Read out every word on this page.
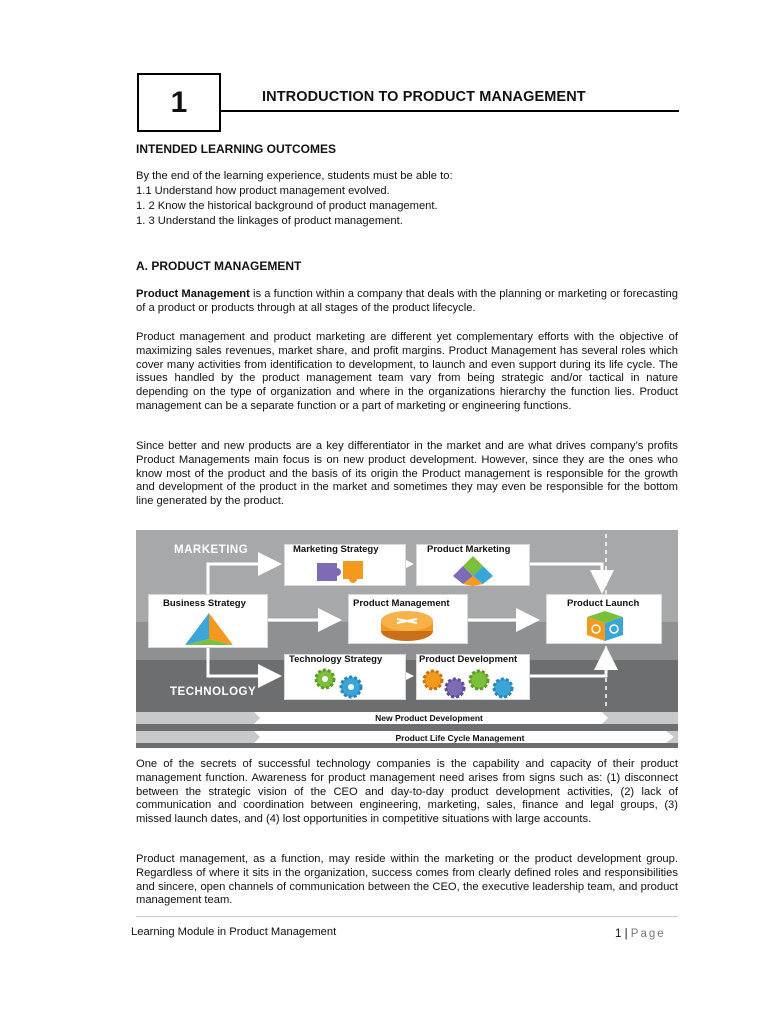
1	INTRODUCTION TO PRODUCT MANAGEMENT
INTENDED LEARNING OUTCOMES
By the end of the learning experience, students must be able to:
1.1 Understand how product management evolved.
1. 2 Know the historical background of product management.
1. 3 Understand the linkages of product management.
A. PRODUCT MANAGEMENT
Product Management is a function within a company that deals with the planning or marketing or forecasting of a product or products through at all stages of the product lifecycle.
Product management and product marketing are different yet complementary efforts with the objective of maximizing sales revenues, market share, and profit margins. Product Management has several roles which cover many activities from identification to development, to launch and even support during its life cycle. The issues handled by the product management team vary from being strategic and/or tactical in nature depending on the type of organization and where in the organizations hierarchy the function lies. Product management can be a separate function or a part of marketing or engineering functions.
Since better and new products are a key differentiator in the market and are what drives company’s profits Product Managements main focus is on new product development. However, since they are the ones who know most of the product and the basis of its origin the Product management is responsible for the growth and development of the product in the market and sometimes they may even be responsible for the bottom line generated by the product.
Marketing Strategy	Product Marketing
Business Strategy	Product Management	Product Launch
Technology Strategy	Product Development
MARKETING
TECHNOLOGY
New Product Development
Product Life Cycle Management
One of the secrets of successful technology companies is the capability and capacity of their product management function. Awareness for product management need arises from signs such as: (1) disconnect between the strategic vision of the CEO and day-to-day product development activities, (2) lack of communication and coordination between engineering, marketing, sales, finance and legal groups, (3) missed launch dates, and (4) lost opportunities in competitive situations with large accounts.
Product management, as a function, may reside within the marketing or the product development group. Regardless of where it sits in the organization, success comes from clearly defined roles and responsibilities and sincere, open channels of communication between the CEO, the executive leadership team, and product management team.
Learning Module in Product Management	1 | Page
